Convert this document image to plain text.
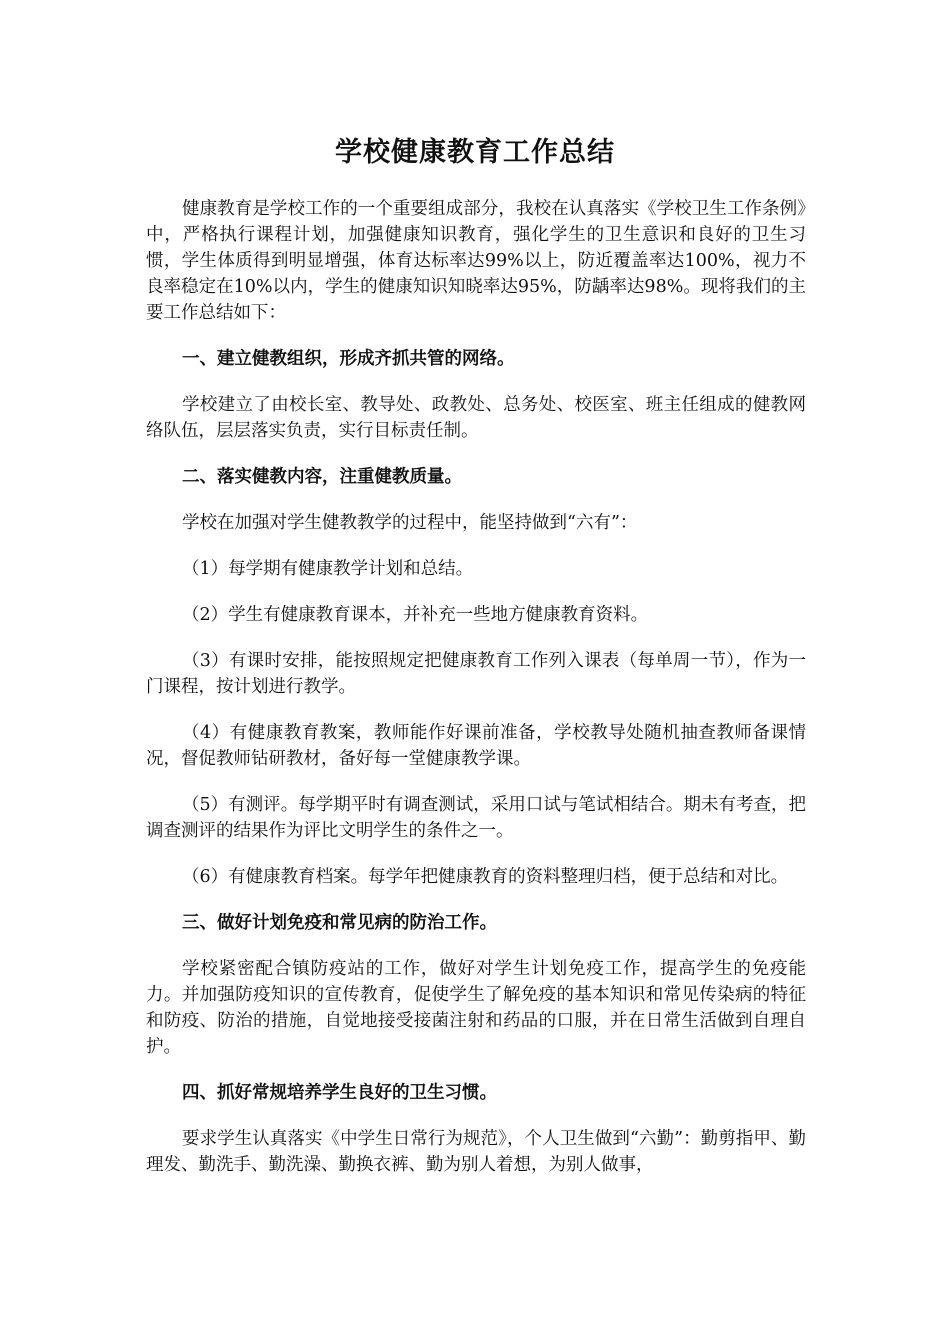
学校健康教育工作总结

健康教育是学校工作的一个重要组成部分，我校在认真落实《学校卫生工作条例》中，严格执行课程计划，加强健康知识教育，强化学生的卫生意识和良好的卫生习惯，学生体质得到明显增强，体育达标率达99%以上，防近覆盖率达100%，视力不良率稳定在10%以内，学生的健康知识知晓率达95%，防龋率达98%。现将我们的主要工作总结如下：

一、建立健教组织，形成齐抓共管的网络。

学校建立了由校长室、教导处、政教处、总务处、校医室、班主任组成的健教网络队伍，层层落实负责，实行目标责任制。

二、落实健教内容，注重健教质量。

学校在加强对学生健教教学的过程中，能坚持做到“六有”：

（1）每学期有健康教学计划和总结。

（2）学生有健康教育课本，并补充一些地方健康教育资料。

（3）有课时安排，能按照规定把健康教育工作列入课表（每单周一节），作为一门课程，按计划进行教学。

（4）有健康教育教案，教师能作好课前准备，学校教导处随机抽查教师备课情况，督促教师钻研教材，备好每一堂健康教学课。

（5）有测评。每学期平时有调查测试，采用口试与笔试相结合。期未有考查，把调查测评的结果作为评比文明学生的条件之一。

（6）有健康教育档案。每学年把健康教育的资料整理归档，便于总结和对比。

三、做好计划免疫和常见病的防治工作。

学校紧密配合镇防疫站的工作，做好对学生计划免疫工作，提高学生的免疫能力。并加强防疫知识的宣传教育，促使学生了解免疫的基本知识和常见传染病的特征和防疫、防治的措施，自觉地接受接菌注射和药品的口服，并在日常生活做到自理自护。

四、抓好常规培养学生良好的卫生习惯。

要求学生认真落实《中学生日常行为规范》，个人卫生做到“六勤”：勤剪指甲、勤理发、勤洗手、勤洗澡、勤换衣裤、勤为别人着想，为别人做事，
